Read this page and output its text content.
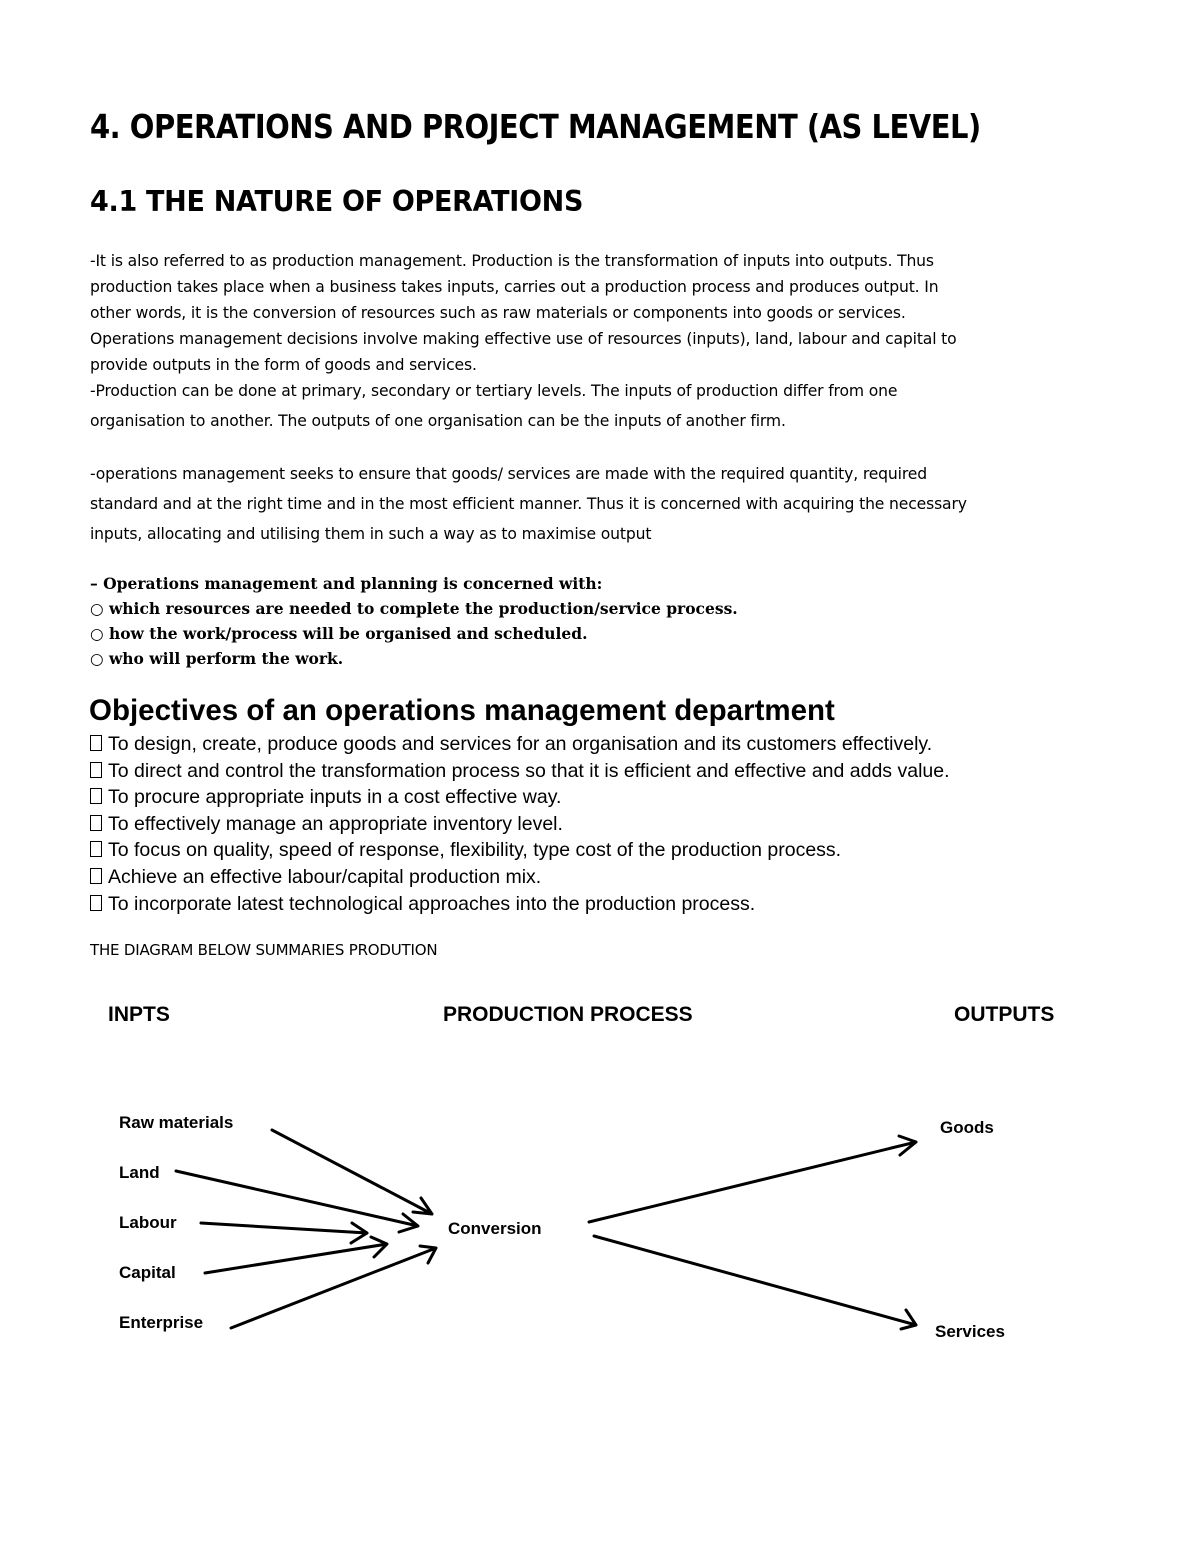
4. OPERATIONS AND PROJECT MANAGEMENT (AS LEVEL)
4.1 THE NATURE OF OPERATIONS

-It is also referred to as production management. Production is the transformation of inputs into outputs. Thus
production takes place when a business takes inputs, carries out a production process and produces output. In
other words, it is the conversion of resources such as raw materials or components into goods or services.
Operations management decisions involve making effective use of resources (inputs), land, labour and capital to
provide outputs in the form of goods and services.
-Production can be done at primary, secondary or tertiary levels. The inputs of production differ from one
organisation to another. The outputs of one organisation can be the inputs of another firm.

-operations management seeks to ensure that goods/ services are made with the required quantity, required
standard and at the right time and in the most efficient manner. Thus it is concerned with acquiring the necessary
inputs, allocating and utilising them in such a way as to maximise output

– Operations management and planning is concerned with:
○ which resources are needed to complete the production/service process.
○ how the work/process will be organised and scheduled.
○ who will perform the work.
Objectives of an operations management department
To design, create, produce goods and services for an organisation and its customers effectively.
To direct and control the transformation process so that it is efficient and effective and adds value.
To procure appropriate inputs in a cost effective way.
To effectively manage an appropriate inventory level.
To focus on quality, speed of response, flexibility, type cost of the production process.
Achieve an effective labour/capital production mix.
To incorporate latest technological approaches into the production process.

THE DIAGRAM BELOW SUMMARIES PRODUTION

INPTS	PRODUCTION PROCESS	OUTPUTS
Raw materials
Land
Labour
Capital
Enterprise
Conversion
Goods
Services
